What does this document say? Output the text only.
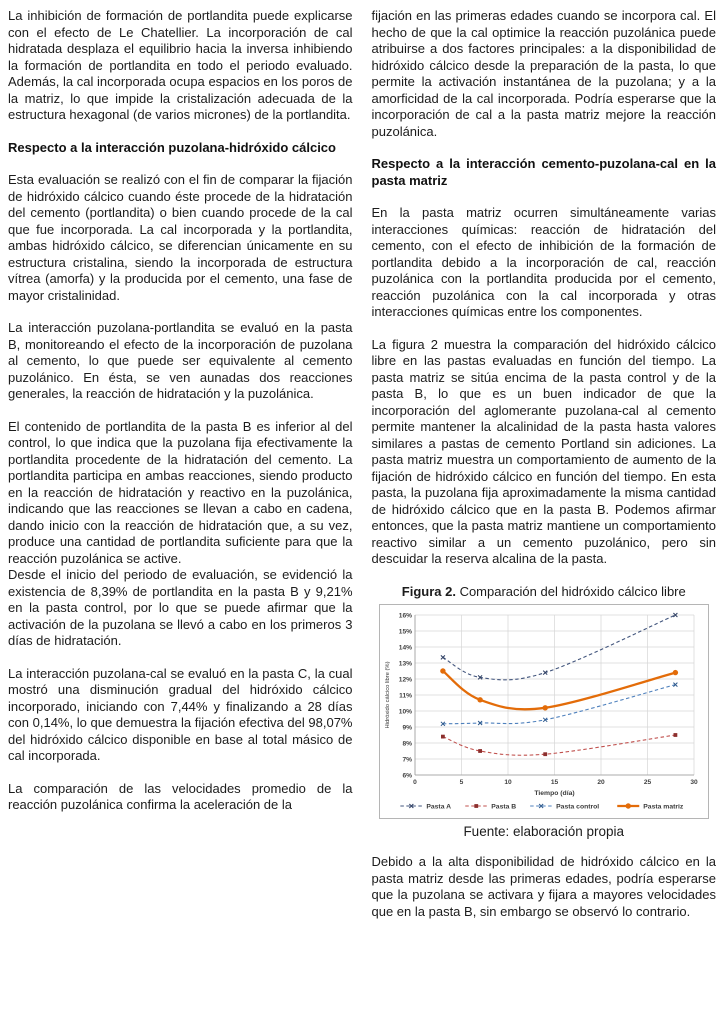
La inhibición de formación de portlandita puede explicarse con el efecto de Le Chatellier. La incorporación de cal hidratada desplaza el equilibrio hacia la inversa inhibiendo la formación de portlandita en todo el periodo evaluado. Además, la cal incorporada ocupa espacios en los poros de la matriz, lo que impide la cristalización adecuada de la estructura hexagonal (de varios micrones) de la portlandita.

Respecto a la interacción puzolana-hidróxido cálcico

Esta evaluación se realizó con el fin de comparar la fijación de hidróxido cálcico cuando éste procede de la hidratación del cemento (portlandita) o bien cuando procede de la cal que fue incorporada. La cal incorporada y la portlandita, ambas hidróxido cálcico, se diferencian únicamente en su estructura cristalina, siendo la incorporada de estructura vítrea (amorfa) y la producida por el cemento, una fase de mayor cristalinidad.

La interacción puzolana-portlandita se evaluó en la pasta B, monitoreando el efecto de la incorporación de puzolana al cemento, lo que puede ser equivalente al cemento puzolánico. En ésta, se ven aunadas dos reacciones generales, la reacción de hidratación y la puzolánica.

El contenido de portlandita de la pasta B es inferior al del control, lo que indica que la puzolana fija efectivamente la portlandita procedente de la hidratación del cemento. La portlandita participa en ambas reacciones, siendo producto en la reacción de hidratación y reactivo en la puzolánica, indicando que las reacciones se llevan a cabo en cadena, dando inicio con la reacción de hidratación que, a su vez, produce una cantidad de portlandita suficiente para que la reacción puzolánica se active.

Desde el inicio del periodo de evaluación, se evidenció la existencia de 8,39% de portlandita en la pasta B y 9,21% en la pasta control, por lo que se puede afirmar que la activación de la puzolana se llevó a cabo en los primeros 3 días de hidratación.

La interacción puzolana-cal se evaluó en la pasta C, la cual mostró una disminución gradual del hidróxido cálcico incorporado, iniciando con 7,44% y finalizando a 28 días con 0,14%, lo que demuestra la fijación efectiva del 98,07% del hidróxido cálcico disponible en base al total másico de cal incorporada.

La comparación de las velocidades promedio de la reacción puzolánica confirma la aceleración de la

fijación en las primeras edades cuando se incorpora cal. El hecho de que la cal optimice la reacción puzolánica puede atribuirse a dos factores principales: a la disponibilidad de hidróxido cálcico desde la preparación de la pasta, lo que permite la activación instantánea de la puzolana; y a la amorficidad de la cal incorporada. Podría esperarse que la incorporación de cal a la pasta matriz mejore la reacción puzolánica.

Respecto a la interacción cemento-puzolana-cal en la pasta matriz

En la pasta matriz ocurren simultáneamente varias interacciones químicas: reacción de hidratación del cemento, con el efecto de inhibición de la formación de portlandita debido a la incorporación de cal, reacción puzolánica con la portlandita producida por el cemento, reacción puzolánica con la cal incorporada y otras interacciones químicas entre los componentes.

La figura 2 muestra la comparación del hidróxido cálcico libre en las pastas evaluadas en función del tiempo. La pasta matriz se sitúa encima de la pasta control y de la pasta B, lo que es un buen indicador de que la incorporación del aglomerante puzolana-cal al cemento permite mantener la alcalinidad de la pasta hasta valores similares a pastas de cemento Portland sin adiciones. La pasta matriz muestra un comportamiento de aumento de la fijación de hidróxido cálcico en función del tiempo. En esta pasta, la puzolana fija aproximadamente la misma cantidad de hidróxido cálcico que en la pasta B. Podemos afirmar entonces, que la pasta matriz mantiene un comportamiento reactivo similar a un cemento puzolánico, pero sin descuidar la reserva alcalina de la pasta.

Figura 2. Comparación del hidróxido cálcico libre
6%
7%
8%
9%
10%
11%
12%
13%
14%
15%
16%
0	5	10	15	20	25	30
Tiempo (día)
Hidróxido cálcico libre (%)
Pasta A	Pasta B	Pasta control	Pasta matriz
Fuente: elaboración propia

Debido a la alta disponibilidad de hidróxido cálcico en la pasta matriz desde las primeras edades, podría esperarse que la puzolana se activara y fijara a mayores velocidades que en la pasta B, sin embargo se observó lo contrario.
